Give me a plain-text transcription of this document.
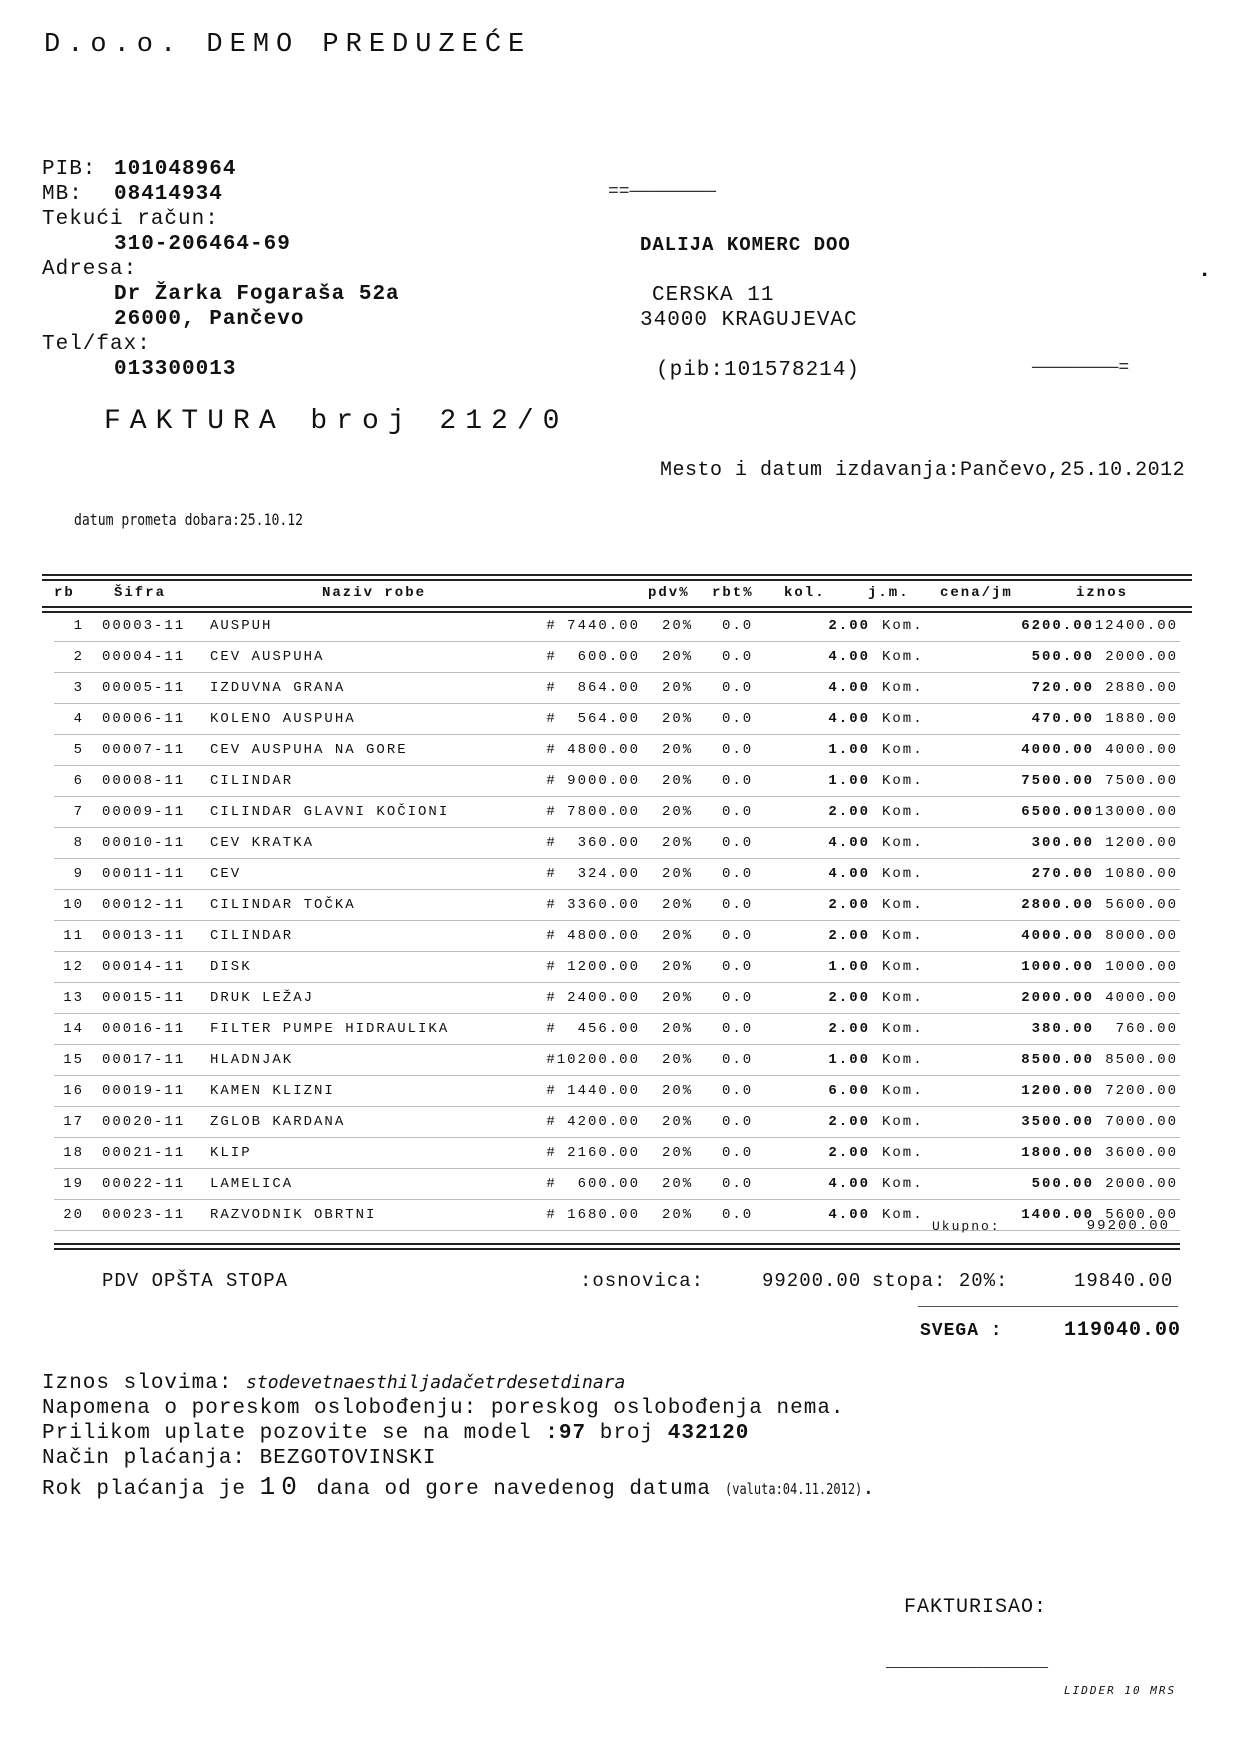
D.o.o. DEMO PREDUZEĆE
PIB: 101048964
MB: 08414934
Tekući račun:
310-206464-69
Adresa:
Dr Žarka Fogaraša 52a
26000, Pančevo
Tel/fax:
013300013
==————————
DALIJA KOMERC DOO
.
CERSKA 11
34000 KRAGUJEVAC
(pib:101578214)	————————=
FAKTURA broj 212/0
Mesto i datum izdavanja:Pančevo,25.10.2012
datum prometa dobara:25.10.12
rb	Šifra	Naziv robe	pdv% rbt% kol.	j.m. cena/jm	iznos
1 00003-11 AUSPUH	# 7440.00 20% 0.0	2.00 Kom.	6200.00 12400.00
2 00004-11 CEV AUSPUHA	#  600.00 20% 0.0	4.00 Kom.	500.00 2000.00
3 00005-11 IZDUVNA GRANA	#  864.00 20% 0.0	4.00 Kom.	720.00 2880.00
4 00006-11 KOLENO AUSPUHA	#  564.00 20% 0.0	4.00 Kom.	470.00 1880.00
5 00007-11 CEV AUSPUHA NA GORE	# 4800.00 20% 0.0	1.00 Kom.	4000.00 4000.00
6 00008-11 CILINDAR	# 9000.00 20% 0.0	1.00 Kom.	7500.00 7500.00
7 00009-11 CILINDAR GLAVNI KOČIONI	# 7800.00 20% 0.0	2.00 Kom.	6500.00 13000.00
8 00010-11 CEV KRATKA	#  360.00 20% 0.0	4.00 Kom.	300.00 1200.00
9 00011-11 CEV	#  324.00 20% 0.0	4.00 Kom.	270.00 1080.00
10 00012-11 CILINDAR TOČKA	# 3360.00 20% 0.0	2.00 Kom.	2800.00 5600.00
11 00013-11 CILINDAR	# 4800.00 20% 0.0	2.00 Kom.	4000.00 8000.00
12 00014-11 DISK	# 1200.00 20% 0.0	1.00 Kom.	1000.00 1000.00
13 00015-11 DRUK LEŽAJ	# 2400.00 20% 0.0	2.00 Kom.	2000.00 4000.00
14 00016-11 FILTER PUMPE HIDRAULIKA	#  456.00 20% 0.0	2.00 Kom.	380.00	760.00
15 00017-11 HLADNJAK	#10200.00 20% 0.0	1.00 Kom.	8500.00 8500.00
16 00019-11 KAMEN KLIZNI	# 1440.00 20% 0.0	6.00 Kom.	1200.00 7200.00
17 00020-11 ZGLOB KARDANA	# 4200.00 20% 0.0	2.00 Kom.	3500.00 7000.00
18 00021-11 KLIP	# 2160.00 20% 0.0	2.00 Kom.	1800.00 3600.00
19 00022-11 LAMELICA	#  600.00 20% 0.0	4.00 Kom.	500.00 2000.00
20 00023-11 RAZVODNIK OBRTNI	# 1680.00 20% 0.0	4.00 Kom.	1400.00 5600.00
Ukupno:	99200.00
PDV OPŠTA STOPA	:osnovica:	99200.00 stopa: 20%:	19840.00
SVEGA :	119040.00
Iznos slovima: stodevetnaesthiljadačetrdesetdinara
Napomena o poreskom oslobođenju: poreskog oslobođenja nema.
Prilikom uplate pozovite se na model :97 broj 432120
Način plaćanja: BEZGOTOVINSKI
Rok plaćanja je 10 dana od gore navedenog datuma (valuta:04.11.2012).
FAKTURISAO:
_______________
LIDDER 10 MRS
